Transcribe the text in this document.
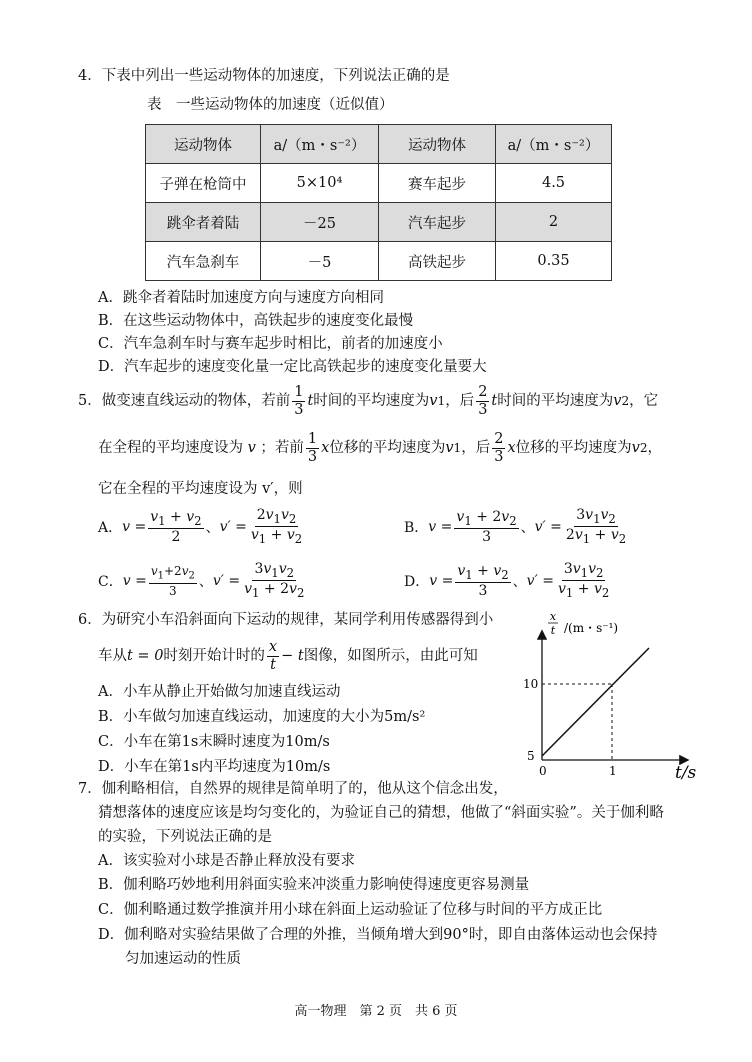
4．下表中列出一些运动物体的加速度，下列说法正确的是
表　一些运动物体的加速度（近似值）
运动物体	a/（m・s⁻²）	运动物体	a/（m・s⁻²）
子弹在枪筒中	5×10⁴	赛车起步	4.5
跳伞者着陆	－25	汽车起步	2
汽车急刹车	－5	高铁起步	0.35
A．跳伞者着陆时加速度方向与速度方向相同
B．在这些运动物体中，高铁起步的速度变化最慢
C．汽车急刹车时与赛车起步时相比，前者的加速度小
D．汽车起步的速度变化量一定比高铁起步的速度变化量要大
5．做变速直线运动的物体，若前 $\frac{1}{3}$ t 时间的平均速度为 v 1 ，后 $\frac{2}{3}$ t 时间的平均速度为 v 2 ，它
在全程的平均速度设为 v ；若前 $\frac{1}{3}$ x 位移的平均速度为 v 1 ，后 $\frac{2}{3}$ x 位移的平均速度为 v 2 ，
它在全程的平均速度设为 v′，则
A． $v = \frac{v_1 + v_2}{2}$ 、 $v' = \frac{2v_1v_2}{v_1 + v_2}$	B． $v = \frac{v_1 + 2v_2}{3}$ 、 $v' = \frac{3v_1v_2}{2v_1 + v_2}$
C． $v = \frac{v_1+2v_2}{3}$ 、 $v' = \frac{3v_1v_2}{v_1 + 2v_2}$	D． $v = \frac{v_1 + v_2}{3}$ 、 $v' = \frac{3v_1v_2}{v_1 + v_2}$
6．为研究小车沿斜面向下运动的规律，某同学利用传感器得到小
车从 t = 0 时刻开始计时的 $\frac{x}{t} - t$ 图像，如图所示，由此可知
A．小车从静止开始做匀加速直线运动
B．小车做匀加速直线运动，加速度的大小为5m/s²
C．小车在第1s末瞬时速度为10m/s
D．小车在第1s内平均速度为10m/s
x
t /(m・s⁻¹)
10
5
0	1	t/s
7．伽利略相信，自然界的规律是简单明了的，他从这个信念出发，
猜想落体的速度应该是均匀变化的，为验证自己的猜想，他做了“斜面实验”。关于伽利略
的实验，下列说法正确的是
A．该实验对小球是否静止释放没有要求
B．伽利略巧妙地利用斜面实验来冲淡重力影响使得速度更容易测量
C．伽利略通过数学推演并用小球在斜面上运动验证了位移与时间的平方成正比
D．伽利略对实验结果做了合理的外推，当倾角增大到90°时，即自由落体运动也会保持
匀加速运动的性质
高一物理　第 2 页　共 6 页
